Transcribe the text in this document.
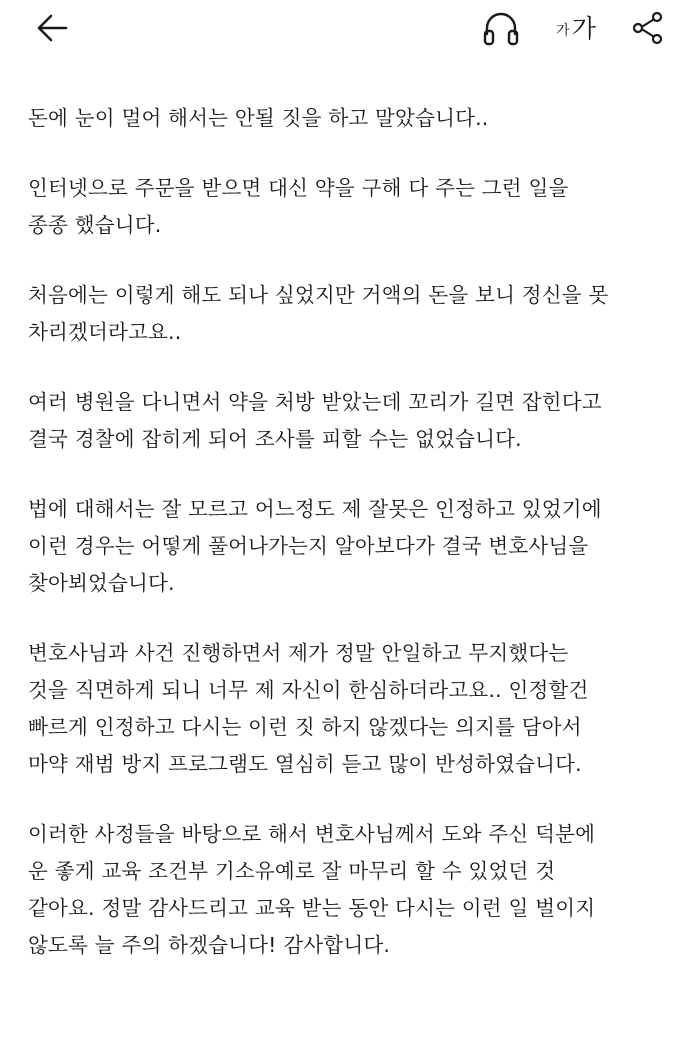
가 가

돈에 눈이 멀어 해서는 안될 짓을 하고 말았습니다..

인터넷으로 주문을 받으면 대신 약을 구해 다 주는 그런 일을
종종 했습니다.

처음에는 이렇게 해도 되나 싶었지만 거액의 돈을 보니 정신을 못
차리겠더라고요..

여러 병원을 다니면서 약을 처방 받았는데 꼬리가 길면 잡힌다고
결국 경찰에 잡히게 되어 조사를 피할 수는 없었습니다.

법에 대해서는 잘 모르고 어느정도 제 잘못은 인정하고 있었기에
이런 경우는 어떻게 풀어나가는지 알아보다가 결국 변호사님을
찾아뵈었습니다.

변호사님과 사건 진행하면서 제가 정말 안일하고 무지했다는
것을 직면하게 되니 너무 제 자신이 한심하더라고요.. 인정할건
빠르게 인정하고 다시는 이런 짓 하지 않겠다는 의지를 담아서
마약 재범 방지 프로그램도 열심히 듣고 많이 반성하였습니다.

이러한 사정들을 바탕으로 해서 변호사님께서 도와 주신 덕분에
운 좋게 교육 조건부 기소유예로 잘 마무리 할 수 있었던 것
같아요. 정말 감사드리고 교육 받는 동안 다시는 이런 일 벌이지
않도록 늘 주의 하겠습니다! 감사합니다.
